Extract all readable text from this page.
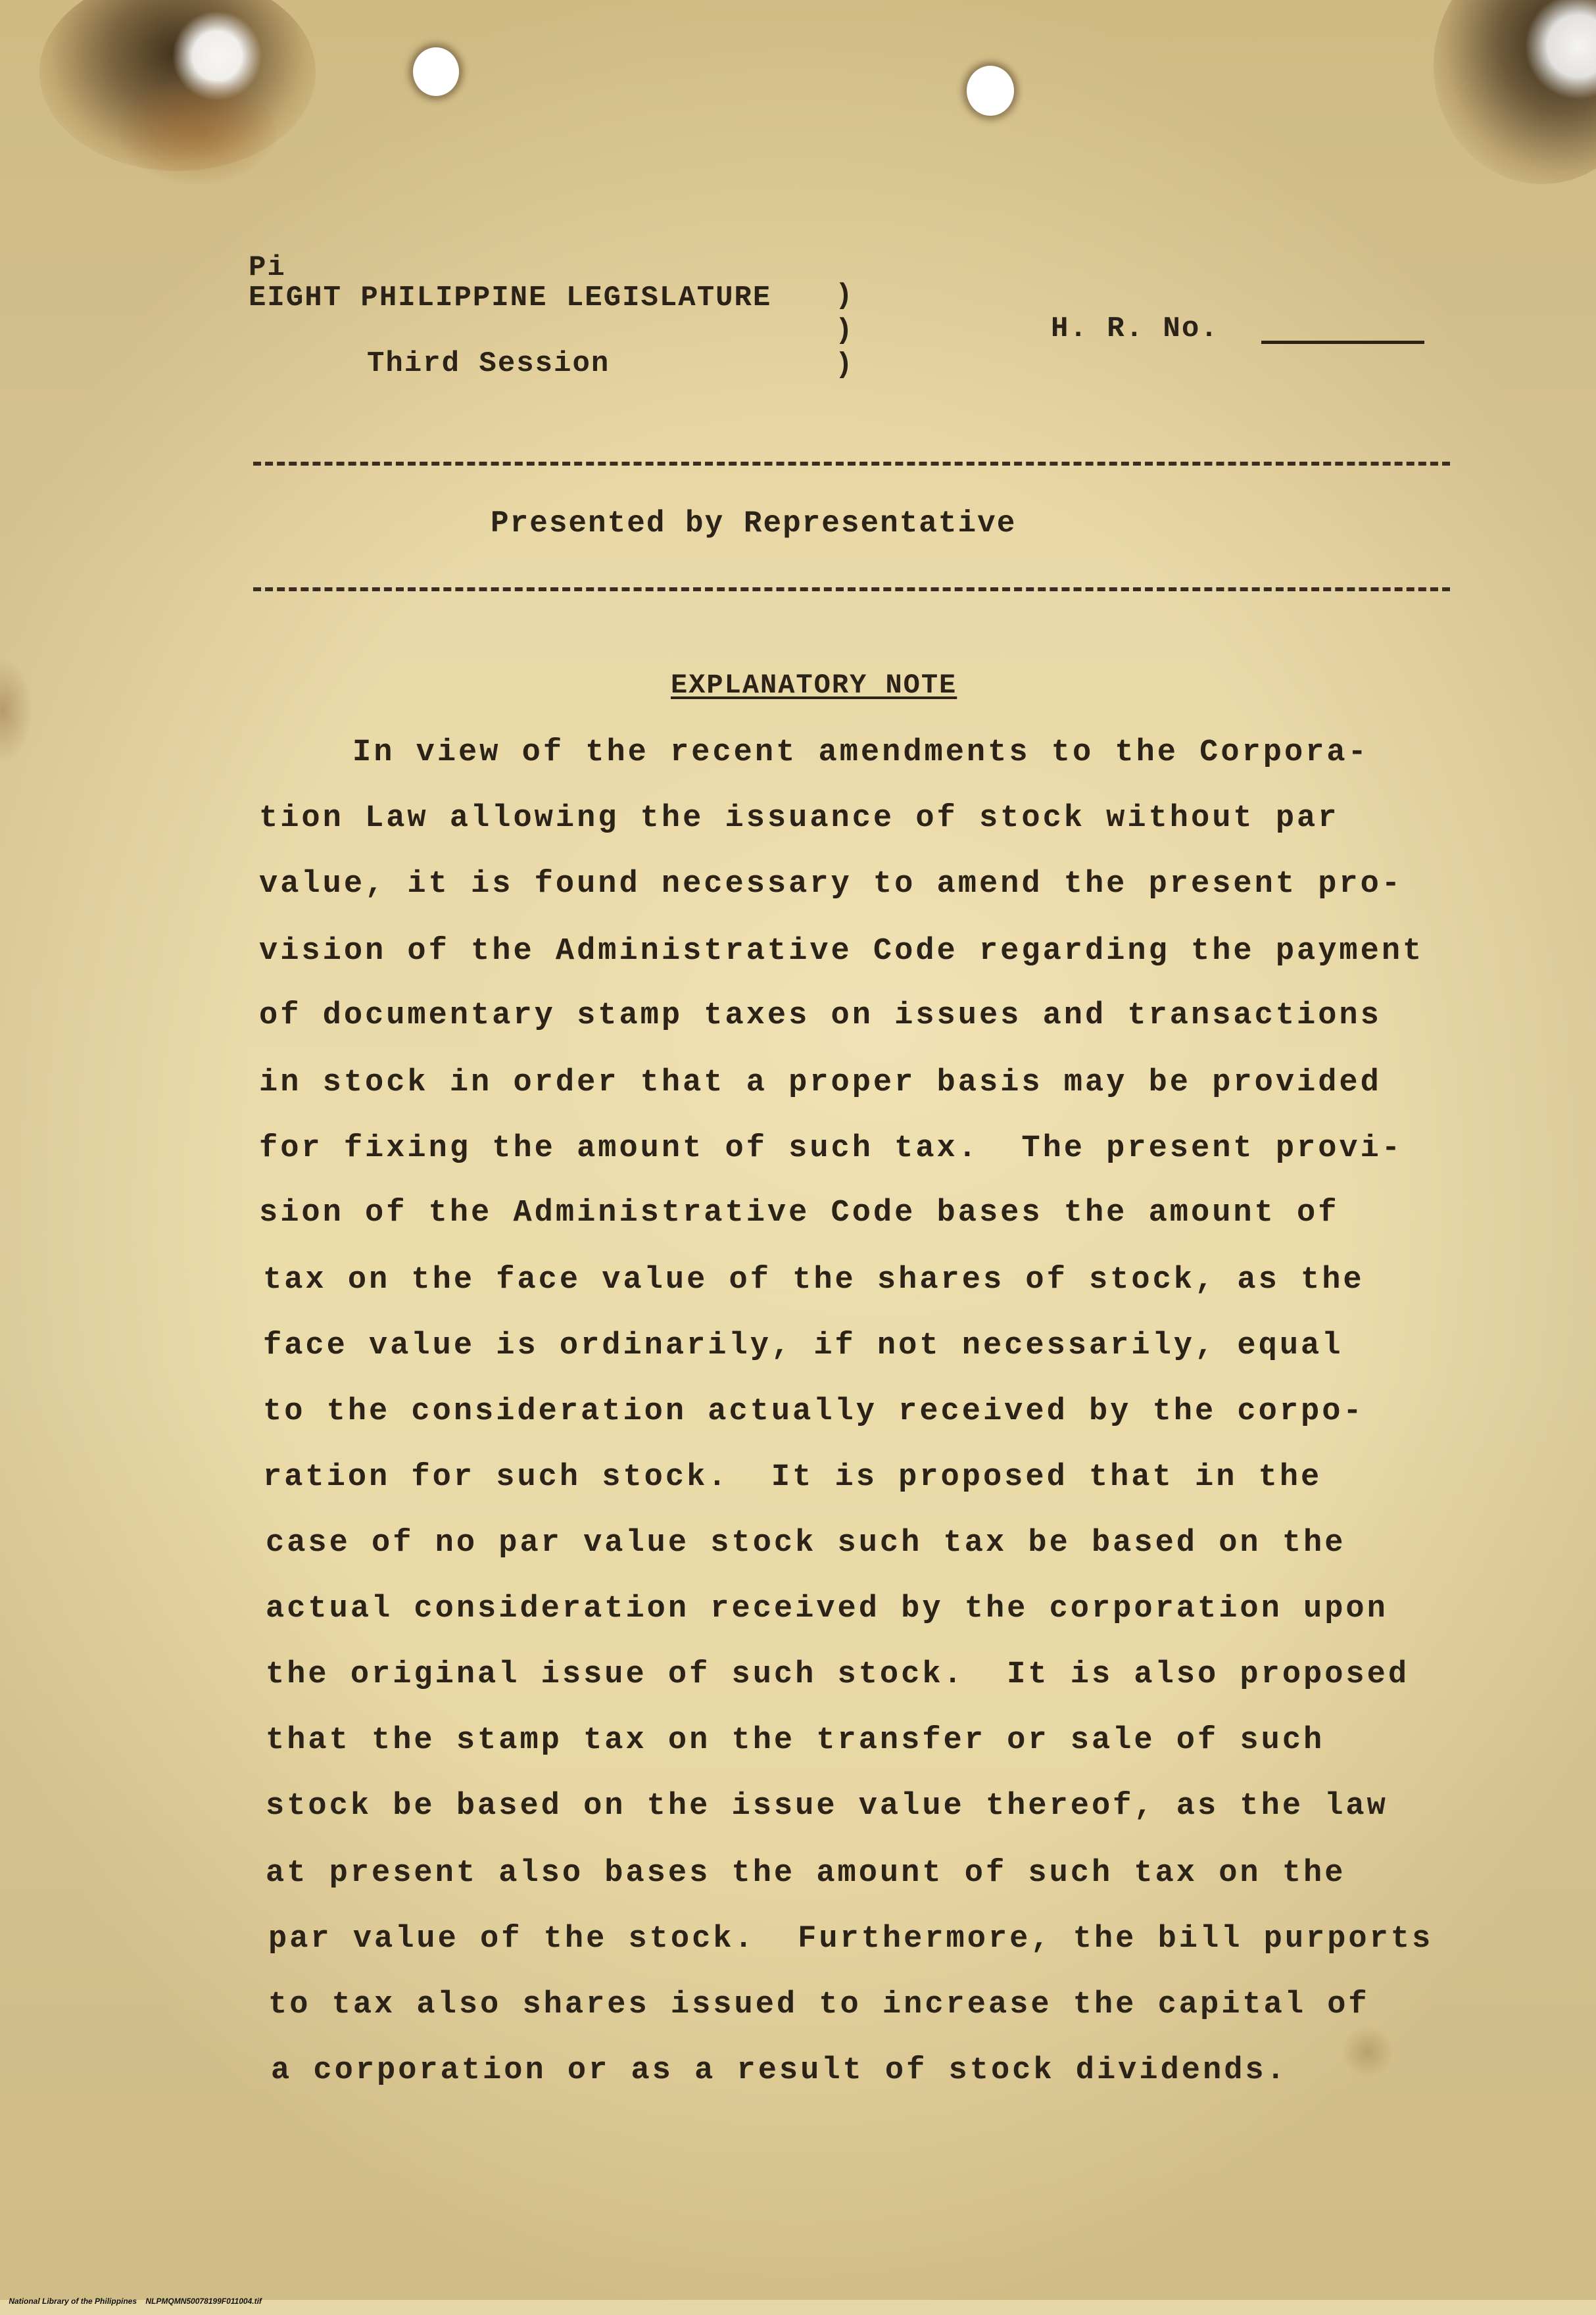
Pi
EIGHT PHILIPPINE LEGISLATURE
Third Session
)
)
)
H. R. No.
Presented by Representative
EXPLANATORY NOTE
In view of the recent amendments to the Corpora-
tion Law allowing the issuance of stock without par
value, it is found necessary to amend the present pro-
vision of the Administrative Code regarding the payment
of documentary stamp taxes on issues and transactions
in stock in order that a proper basis may be provided
for fixing the amount of such tax.  The present provi-
sion of the Administrative Code bases the amount of
tax on the face value of the shares of stock, as the
face value is ordinarily, if not necessarily, equal
to the consideration actually received by the corpo-
ration for such stock.  It is proposed that in the
case of no par value stock such tax be based on the
actual consideration received by the corporation upon
the original issue of such stock.  It is also proposed
that the stamp tax on the transfer or sale of such
stock be based on the issue value thereof, as the law
at present also bases the amount of such tax on the
par value of the stock.  Furthermore, the bill purports
to tax also shares issued to increase the capital of
a corporation or as a result of stock dividends.

National Library of the Philippines NLPMQMN50078199F011004.tif
